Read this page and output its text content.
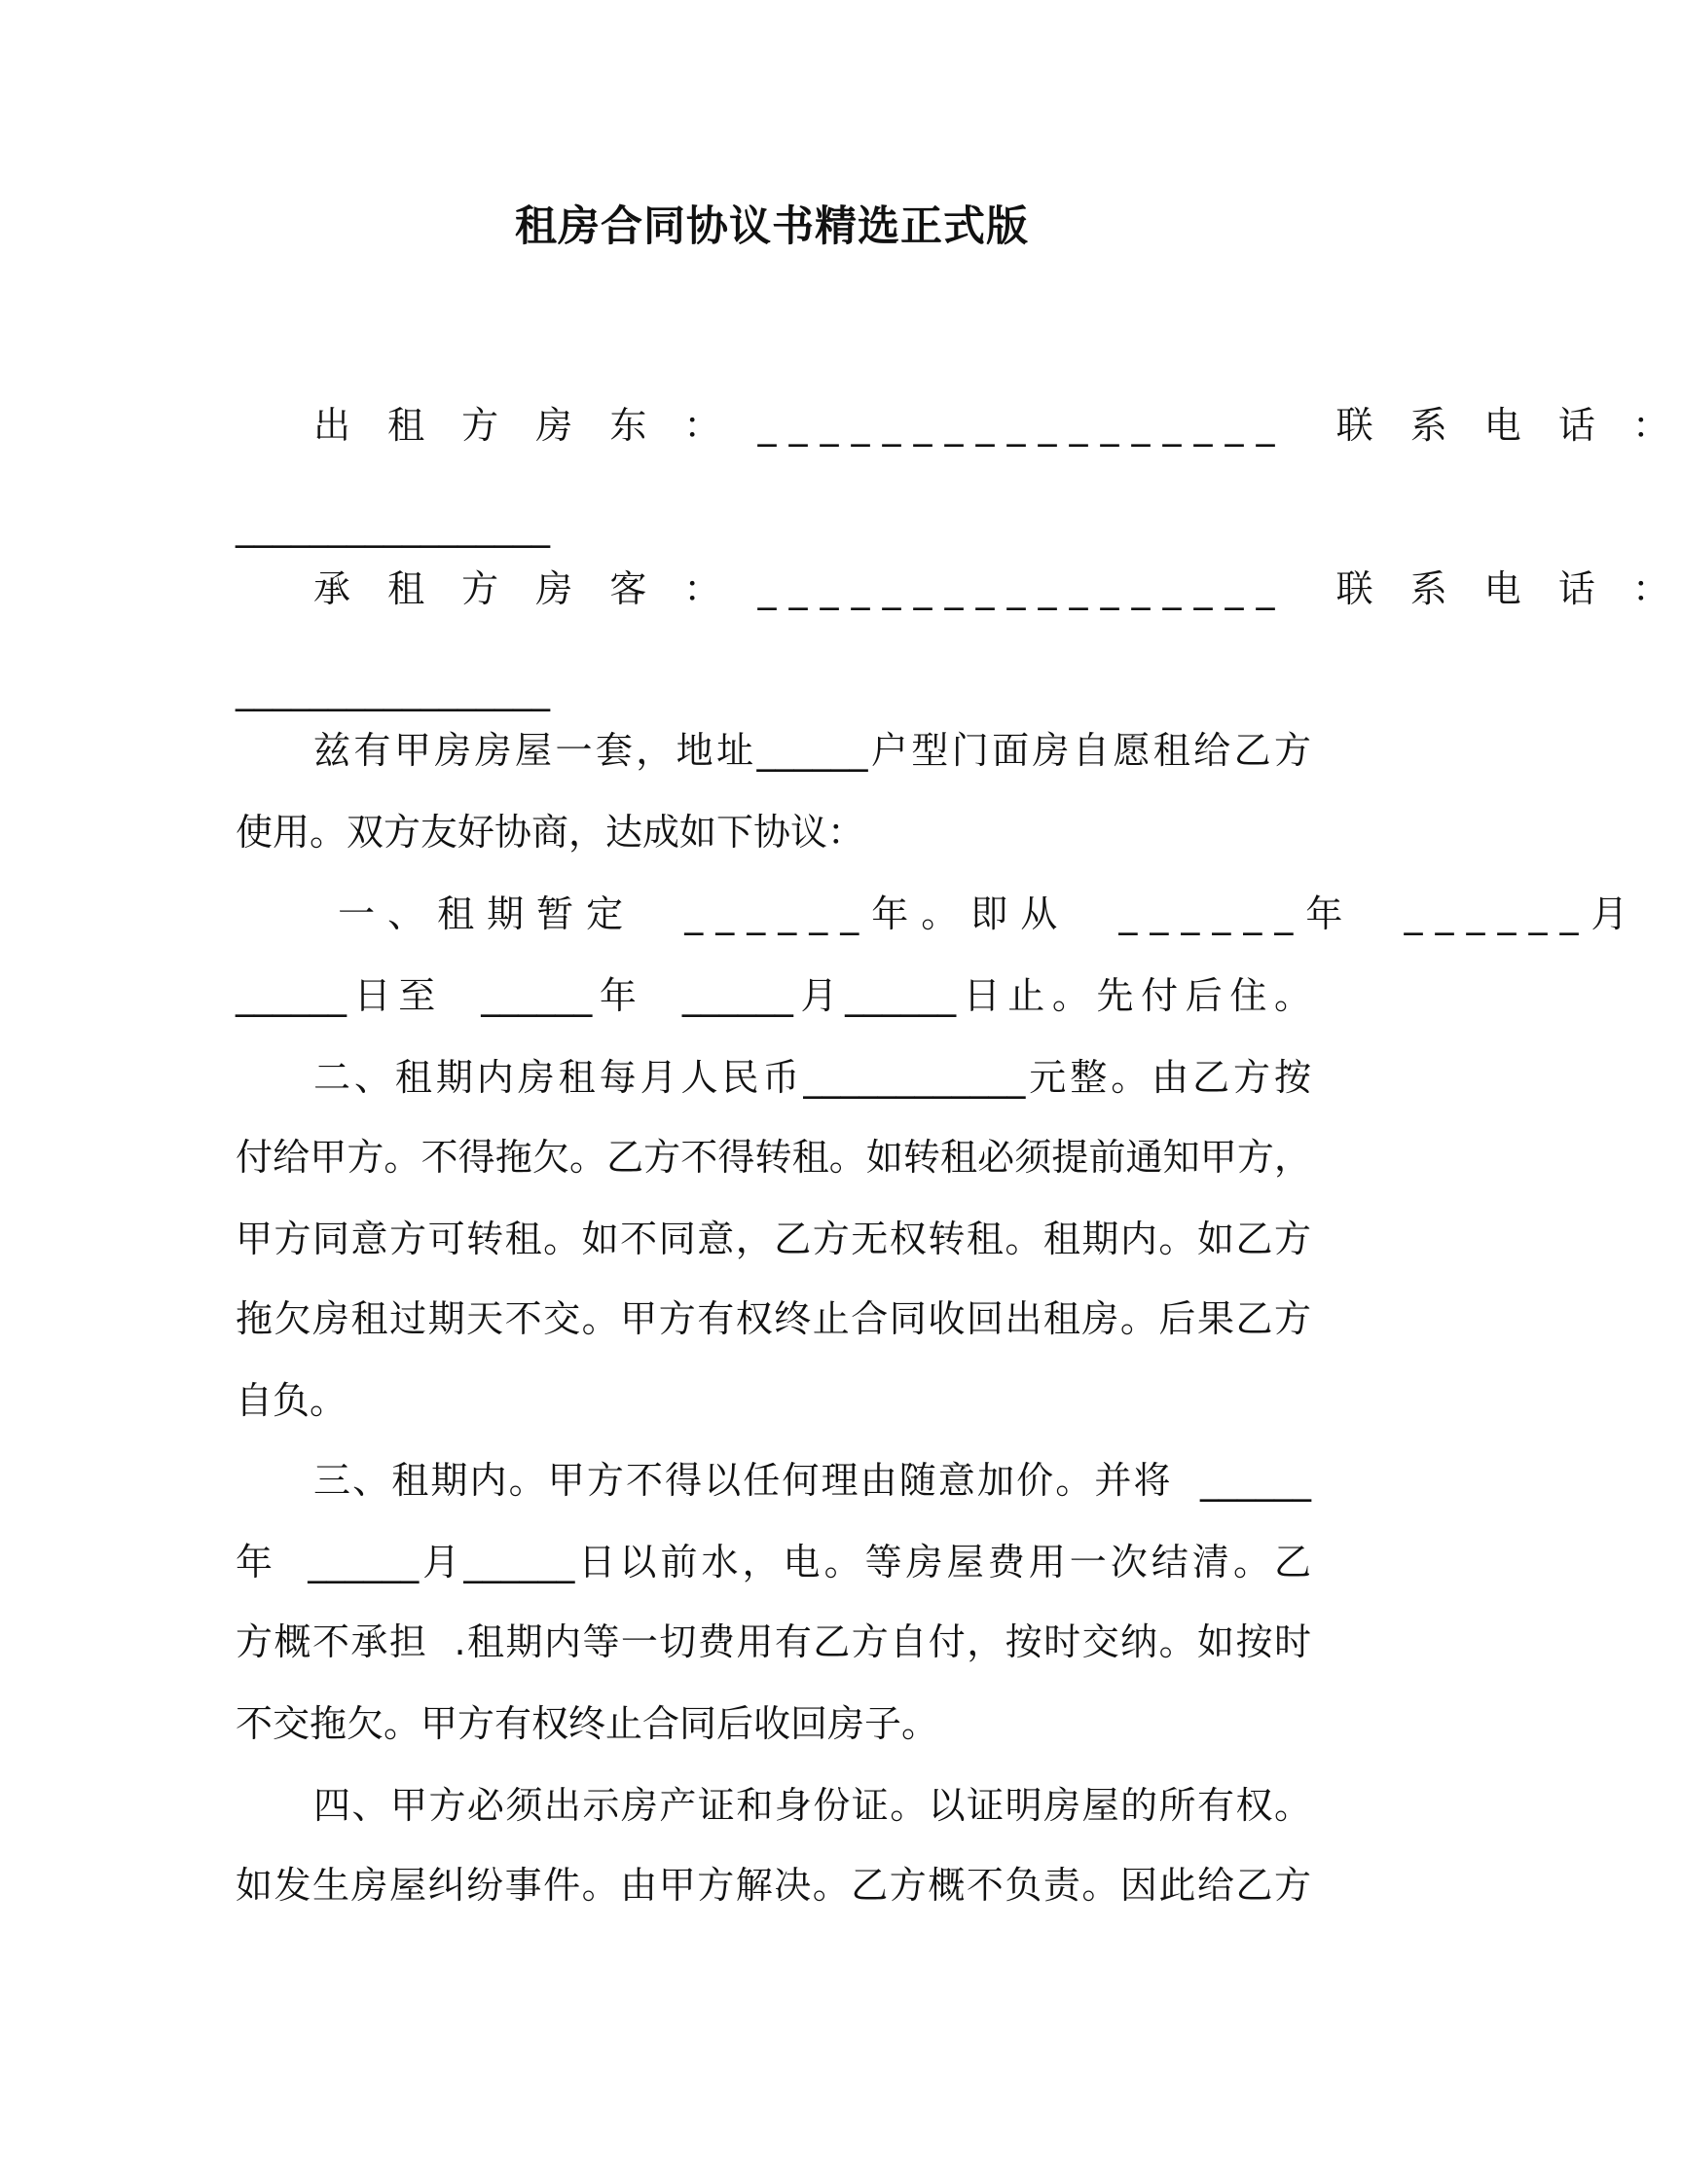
租房合同协议书精选正式版
出 租 方 房 东 ： _________________  联 系 电 话 ：
_________________
承 租 方 房 客 ： _________________  联 系 电 话 ：
_________________
兹有甲房房屋一套，地址______户型门面房自愿租给乙方
使用。双方友好协商，达成如下协议：
一、租期暂定  ______年。即从  ______年  ______月
______日至  ______年  ______月______日止。先付后住。
二、租期内房租每月人民币____________元整。由乙方按
付给甲方。不得拖欠。乙方不得转租。如转租必须提前通知甲方，
甲方同意方可转租。如不同意，乙方无权转租。租期内。如乙方
拖欠房租过期天不交。甲方有权终止合同收回出租房。后果乙方
自负。
三、租期内。甲方不得以任何理由随意加价。并将  ______
年  ______月______日以前水，电。等房屋费用一次结清。乙
方概不承担  .租期内等一切费用有乙方自付，按时交纳。如按时
不交拖欠。甲方有权终止合同后收回房子。
四、甲方必须出示房产证和身份证。以证明房屋的所有权。
如发生房屋纠纷事件。由甲方解决。乙方概不负责。因此给乙方
